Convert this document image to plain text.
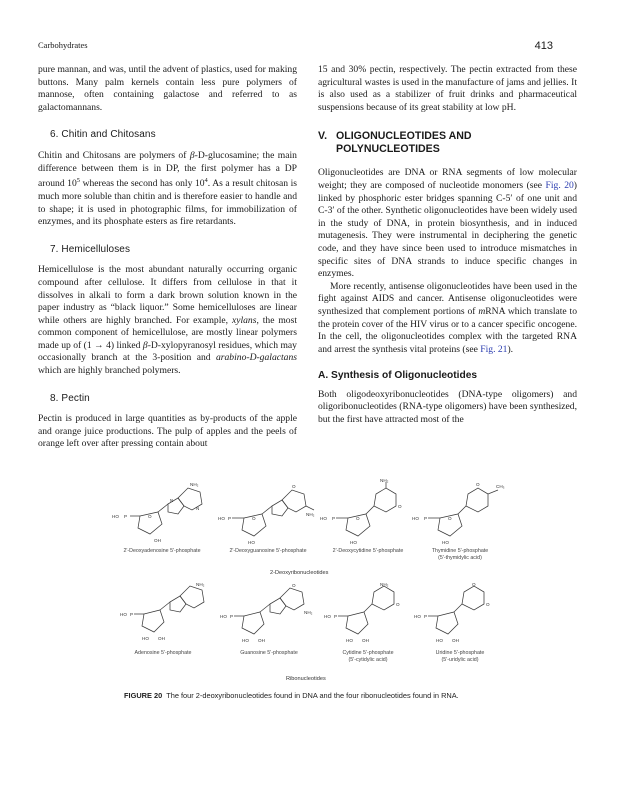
Carbohydrates	413

pure mannan, and was, until the advent of plastics, used for making buttons. Many palm kernels contain less pure polymers of mannose, often containing galactose and referred to as galactomannans.

6. Chitin and Chitosans

Chitin and Chitosans are polymers of β-D-glucosamine; the main difference between them is in DP, the first polymer has a DP around $10^5$ whereas the second has only $10^4$. As a result chitosan is much more soluble than chitin and is therefore easier to handle and to shape; it is used in photographic films, for immobilization of enzymes, and its phosphate esters as fire retardants.

7. Hemicelluloses

Hemicellulose is the most abundant naturally occurring organic compound after cellulose. It differs from cellulose in that it dissolves in alkali to form a dark brown solution known in the paper industry as “black liquor.” Some hemicelluloses are linear while others are highly branched. For example, xylans, the most common component of hemicellulose, are mostly linear polymers made up of (1 → 4) linked β-D-xylopyranosyl residues, which may occasionally branch at the 3-position and arabino-D-galactans which are highly branched polymers.

8. Pectin

Pectin is produced in large quantities as by-products of the apple and orange juice productions. The pulp of apples and the peels of orange left over after pressing contain about

15 and 30% pectin, respectively. The pectin extracted from these agricultural wastes is used in the manufacture of jams and jellies. It is also used as a stabilizer of fruit drinks and pharmaceutical suspensions because of its great stability at low pH.

V. OLIGONUCLEOTIDES AND
POLYNUCLEOTIDES

Oligonucleotides are DNA or RNA segments of low molecular weight; they are composed of nucleotide monomers (see Fig. 20) linked by phosphoric ester bridges spanning C-5′ of one unit and C-3′ of the other. Synthetic oligonucleotides have been widely used in the study of DNA, in protein biosynthesis, and in induced mutagenesis. They were instrumental in deciphering the genetic code, and they have since been used to introduce mismatches in specific sites of DNA strands to induce specific changes in enzymes.

More recently, antisense oligonucleotides have been used in the fight against AIDS and cancer. Antisense oligonucleotides were synthesized that complement portions of mRNA which translate to the protein cover of the HIV virus or to a cancer specific oncogene. In the cell, the oligonucleotides complex with the targeted RNA and arrest the synthesis vital proteins (see Fig. 21).

A. Synthesis of Oligonucleotides

Both oligodeoxyribonucleotides (DNA-type oligomers) and oligoribonucleotides (RNA-type oligomers) have been synthesized, but the first have attracted most of the

HO P	O
OH
NH₂
N
N
HO P	O
HO
O
NH₂
HO P	O
HO
NH₂
O
HO P	O
HO
O	CH₃
2'-Deoxyadenosine 5'-phosphate	2'-Deoxyguanosine 5'-phosphate	2'-Deoxycytidine 5'-phosphate	Thymidine 5'-phosphate
(5'-thymidylic acid)
2-Deoxyribonucleotides
HO P
HO OH
NH₂
HO P
HO OH
O
NH₂
HO P
HO OH
NH₂
O
HO P
HO OH
O
O
Adenosine 5'-phosphate	Guanosine 5'-phosphate	Cytidine 5'-phosphate
(5'-cytidylic acid)
Uridine 5'-phosphate
(5'-uridylic acid)
Ribonucleotides
FIGURE 20 The four 2-deoxyribonucleotides found in DNA and the four ribonucleotides found in RNA.
